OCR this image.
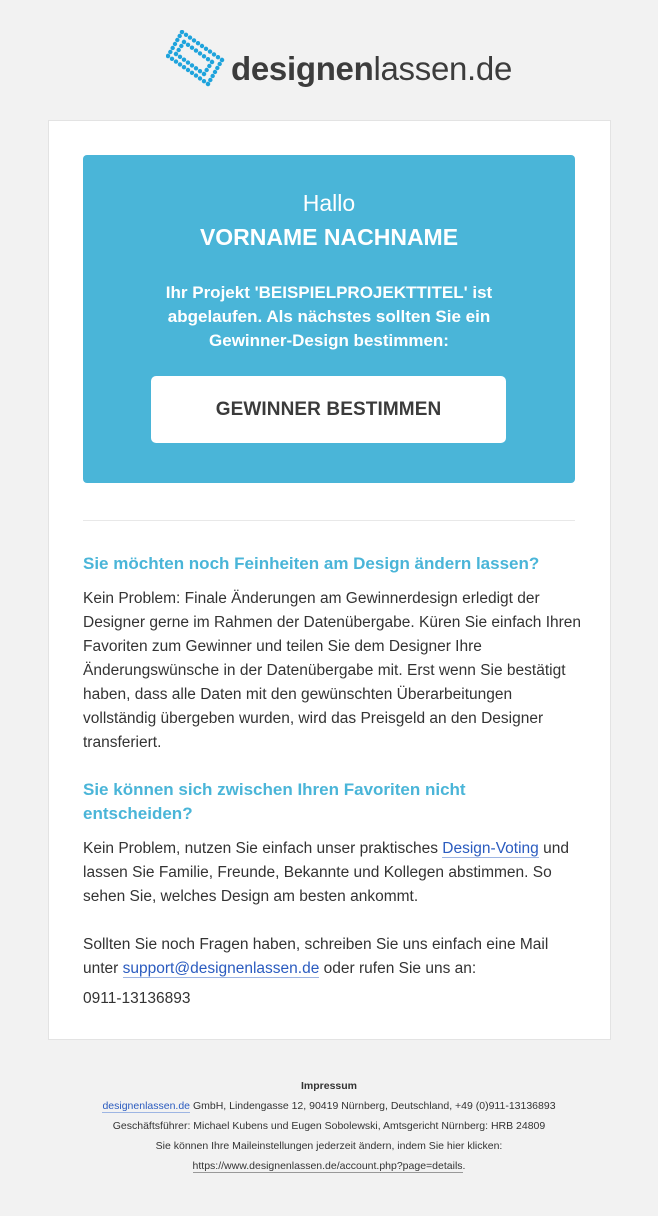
designenlassen.de
Hallo
VORNAME NACHNAME
Ihr Projekt 'BEISPIELPROJEKTTITEL' ist abgelaufen. Als nächstes sollten Sie ein Gewinner-Design bestimmen:
GEWINNER BESTIMMEN
Sie möchten noch Feinheiten am Design ändern lassen?
Kein Problem: Finale Änderungen am Gewinnerdesign erledigt der Designer gerne im Rahmen der Datenübergabe. Küren Sie einfach Ihren Favoriten zum Gewinner und teilen Sie dem Designer Ihre Änderungswünsche in der Datenübergabe mit. Erst wenn Sie bestätigt haben, dass alle Daten mit den gewünschten Überarbeitungen vollständig übergeben wurden, wird das Preisgeld an den Designer transferiert.
Sie können sich zwischen Ihren Favoriten nicht entscheiden?
Kein Problem, nutzen Sie einfach unser praktisches Design-Voting und lassen Sie Familie, Freunde, Bekannte und Kollegen abstimmen. So sehen Sie, welches Design am besten ankommt.
Sollten Sie noch Fragen haben, schreiben Sie uns einfach eine Mail unter support@designenlassen.de oder rufen Sie uns an:
0911-13136893
Impressum
designenlassen.de GmbH, Lindengasse 12, 90419 Nürnberg, Deutschland, +49 (0)911-13136893
Geschäftsführer: Michael Kubens und Eugen Sobolewski, Amtsgericht Nürnberg: HRB 24809
Sie können Ihre Maileinstellungen jederzeit ändern, indem Sie hier klicken:
https://www.designenlassen.de/account.php?page=details.
